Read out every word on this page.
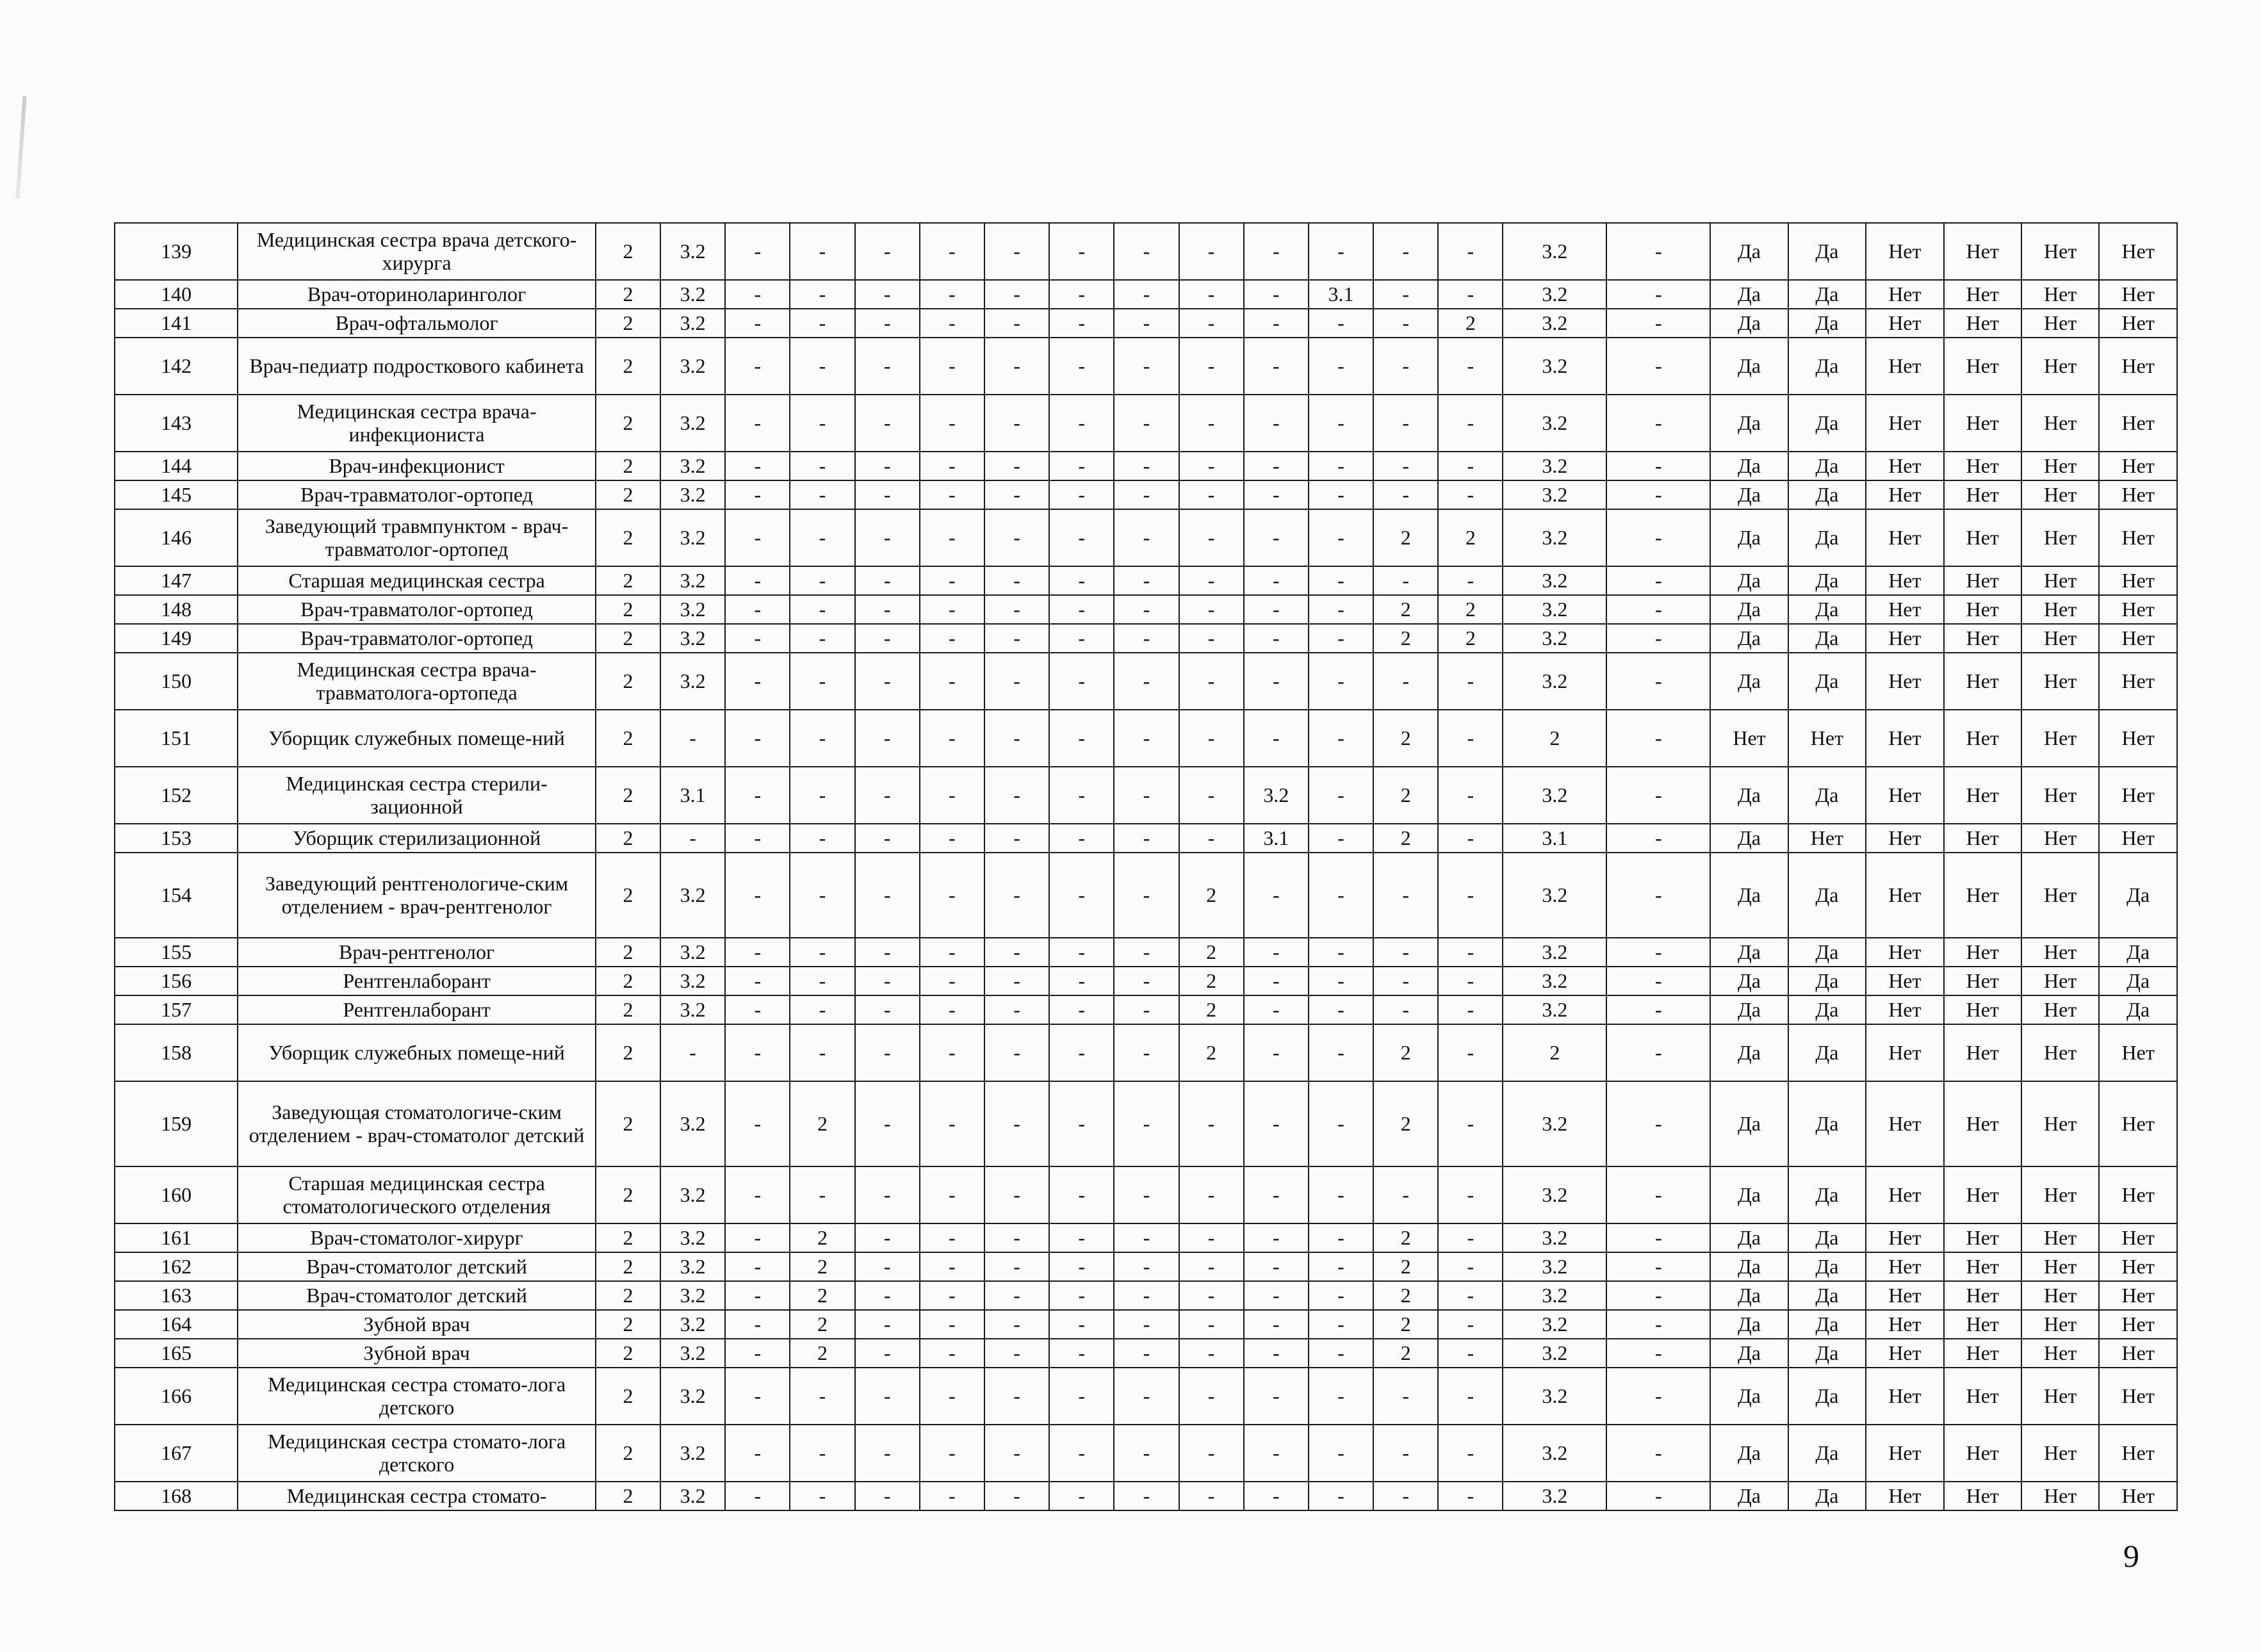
139	Медицинская сестра врача детского-хирурга	2	3.2	-	-	-	-	-	-	-	-	-	-	-	-	3.2	-	Да	Да	Нет	Нет	Нет	Нет
140	Врач-оториноларинголог	2	3.2	-	-	-	-	-	-	-	-	-	3.1	-	-	3.2	-	Да	Да	Нет	Нет	Нет	Нет
141	Врач-офтальмолог	2	3.2	-	-	-	-	-	-	-	-	-	-	-	2	3.2	-	Да	Да	Нет	Нет	Нет	Нет
142	Врач-педиатр подросткового кабинета	2	3.2	-	-	-	-	-	-	-	-	-	-	-	-	3.2	-	Да	Да	Нет	Нет	Нет	Нет
143	Медицинская сестра врача-инфекциониста	2	3.2	-	-	-	-	-	-	-	-	-	-	-	-	3.2	-	Да	Да	Нет	Нет	Нет	Нет
144	Врач-инфекционист	2	3.2	-	-	-	-	-	-	-	-	-	-	-	-	3.2	-	Да	Да	Нет	Нет	Нет	Нет
145	Врач-травматолог-ортопед	2	3.2	-	-	-	-	-	-	-	-	-	-	-	-	3.2	-	Да	Да	Нет	Нет	Нет	Нет
146	Заведующий травмпунктом - врач-травматолог-ортопед	2	3.2	-	-	-	-	-	-	-	-	-	-	2	2	3.2	-	Да	Да	Нет	Нет	Нет	Нет
147	Старшая медицинская сестра	2	3.2	-	-	-	-	-	-	-	-	-	-	-	-	3.2	-	Да	Да	Нет	Нет	Нет	Нет
148	Врач-травматолог-ортопед	2	3.2	-	-	-	-	-	-	-	-	-	-	2	2	3.2	-	Да	Да	Нет	Нет	Нет	Нет
149	Врач-травматолог-ортопед	2	3.2	-	-	-	-	-	-	-	-	-	-	2	2	3.2	-	Да	Да	Нет	Нет	Нет	Нет
150	Медицинская сестра врача-травматолога-ортопеда	2	3.2	-	-	-	-	-	-	-	-	-	-	-	-	3.2	-	Да	Да	Нет	Нет	Нет	Нет
151	Уборщик служебных помеще-ний	2	-	-	-	-	-	-	-	-	-	-	-	2	-	2	-	Нет	Нет	Нет	Нет	Нет	Нет
152	Медицинская сестра стерили-зационной	2	3.1	-	-	-	-	-	-	-	-	3.2	-	2	-	3.2	-	Да	Да	Нет	Нет	Нет	Нет
153	Уборщик стерилизационной	2	-	-	-	-	-	-	-	-	-	3.1	-	2	-	3.1	-	Да	Нет	Нет	Нет	Нет	Нет
154	Заведующий рентгенологиче-ским отделением - врач-рентгенолог	2	3.2	-	-	-	-	-	-	-	2	-	-	-	-	3.2	-	Да	Да	Нет	Нет	Нет	Да
155	Врач-рентгенолог	2	3.2	-	-	-	-	-	-	-	2	-	-	-	-	3.2	-	Да	Да	Нет	Нет	Нет	Да
156	Рентгенлаборант	2	3.2	-	-	-	-	-	-	-	2	-	-	-	-	3.2	-	Да	Да	Нет	Нет	Нет	Да
157	Рентгенлаборант	2	3.2	-	-	-	-	-	-	-	2	-	-	-	-	3.2	-	Да	Да	Нет	Нет	Нет	Да
158	Уборщик служебных помеще-ний	2	-	-	-	-	-	-	-	-	2	-	-	2	-	2	-	Да	Да	Нет	Нет	Нет	Нет
159	Заведующая стоматологиче-ским отделением - врач-стоматолог детский	2	3.2	-	2	-	-	-	-	-	-	-	-	2	-	3.2	-	Да	Да	Нет	Нет	Нет	Нет
160	Старшая медицинская сестра стоматологического отделения	2	3.2	-	-	-	-	-	-	-	-	-	-	-	-	3.2	-	Да	Да	Нет	Нет	Нет	Нет
161	Врач-стоматолог-хирург	2	3.2	-	2	-	-	-	-	-	-	-	-	2	-	3.2	-	Да	Да	Нет	Нет	Нет	Нет
162	Врач-стоматолог детский	2	3.2	-	2	-	-	-	-	-	-	-	-	2	-	3.2	-	Да	Да	Нет	Нет	Нет	Нет
163	Врач-стоматолог детский	2	3.2	-	2	-	-	-	-	-	-	-	-	2	-	3.2	-	Да	Да	Нет	Нет	Нет	Нет
164	Зубной врач	2	3.2	-	2	-	-	-	-	-	-	-	-	2	-	3.2	-	Да	Да	Нет	Нет	Нет	Нет
165	Зубной врач	2	3.2	-	2	-	-	-	-	-	-	-	-	2	-	3.2	-	Да	Да	Нет	Нет	Нет	Нет
166	Медицинская сестра стомато-лога детского	2	3.2	-	-	-	-	-	-	-	-	-	-	-	-	3.2	-	Да	Да	Нет	Нет	Нет	Нет
167	Медицинская сестра стомато-лога детского	2	3.2	-	-	-	-	-	-	-	-	-	-	-	-	3.2	-	Да	Да	Нет	Нет	Нет	Нет
168	Медицинская сестра стомато-	2	3.2	-	-	-	-	-	-	-	-	-	-	-	-	3.2	-	Да	Да	Нет	Нет	Нет	Нет
9
